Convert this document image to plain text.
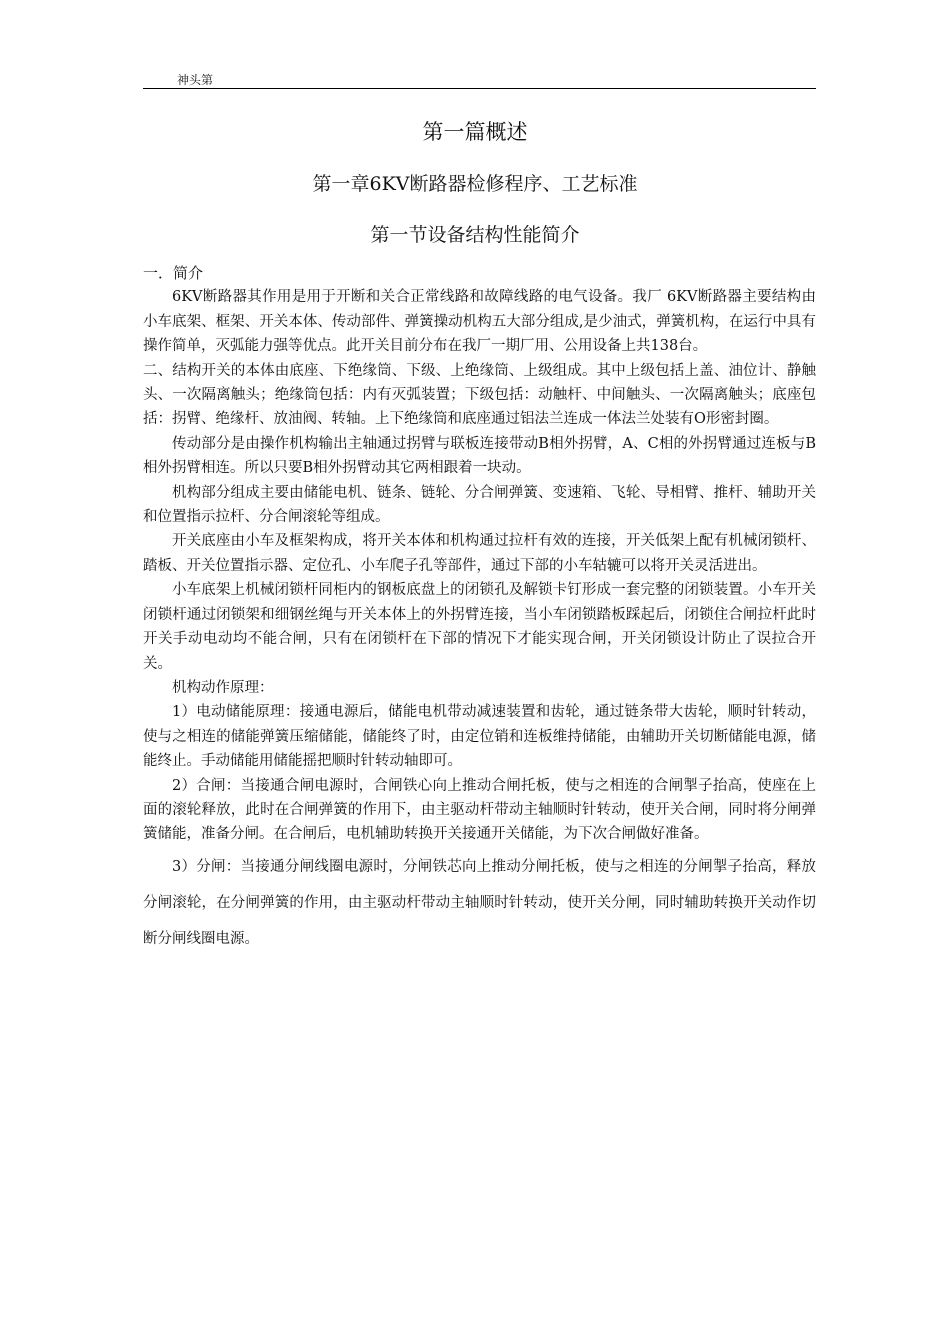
神头第
第一篇概述
第一章6KV断路器检修程序、工艺标准
第一节设备结构性能简介

一．简介

6KV断路器其作用是用于开断和关合正常线路和故障线路的电气设备。我厂 6KV断路器主要结构由小车底架、框架、开关本体、传动部件、弹簧操动机构五大部分组成,是少油式，弹簧机构，在运行中具有操作简单，灭弧能力强等优点。此开关目前分布在我厂一期厂用、公用设备上共138台。

二、结构开关的本体由底座、下绝缘筒、下级、上绝缘筒、上级组成。其中上级包括上盖、油位计、静触头、一次隔离触头；绝缘筒包括：内有灭弧装置；下级包括：动触杆、中间触头、一次隔离触头；底座包括：拐臂、绝缘杆、放油阀、转轴。上下绝缘筒和底座通过铝法兰连成一体法兰处装有O形密封圈。

传动部分是由操作机构输出主轴通过拐臂与联板连接带动B相外拐臂，A、C相的外拐臂通过连板与B相外拐臂相连。所以只要B相外拐臂动其它两相跟着一块动。

机构部分组成主要由储能电机、链条、链轮、分合闸弹簧、变速箱、飞轮、导相臂、推杆、辅助开关和位置指示拉杆、分合闸滚轮等组成。

开关底座由小车及框架构成，将开关本体和机构通过拉杆有效的连接，开关低架上配有机械闭锁杆、踏板、开关位置指示器、定位孔、小车爬子孔等部件，通过下部的小车轱辘可以将开关灵活进出。

小车底架上机械闭锁杆同柜内的钢板底盘上的闭锁孔及解锁卡钉形成一套完整的闭锁装置。小车开关闭锁杆通过闭锁架和细钢丝绳与开关本体上的外拐臂连接，当小车闭锁踏板踩起后，闭锁住合闸拉杆此时开关手动电动均不能合闸，只有在闭锁杆在下部的情况下才能实现合闸，开关闭锁设计防止了误拉合开关。

机构动作原理：

1）电动储能原理：接通电源后，储能电机带动减速装置和齿轮，通过链条带大齿轮，顺时针转动，使与之相连的储能弹簧压缩储能，储能终了时，由定位销和连板维持储能，由辅助开关切断储能电源，储能终止。手动储能用储能摇把顺时针转动轴即可。

2）合闸：当接通合闸电源时，合闸铁心向上推动合闸托板，使与之相连的合闸掣子抬高，使座在上面的滚轮释放，此时在合闸弹簧的作用下，由主驱动杆带动主轴顺时针转动，使开关合闸，同时将分闸弹簧储能，准备分闸。在合闸后，电机辅助转换开关接通开关储能，为下次合闸做好准备。

3）分闸：当接通分闸线圈电源时，分闸铁芯向上推动分闸托板，使与之相连的分闸掣子抬高，释放分闸滚轮，在分闸弹簧的作用，由主驱动杆带动主轴顺时针转动，使开关分闸，同时辅助转换开关动作切断分闸线圈电源。
